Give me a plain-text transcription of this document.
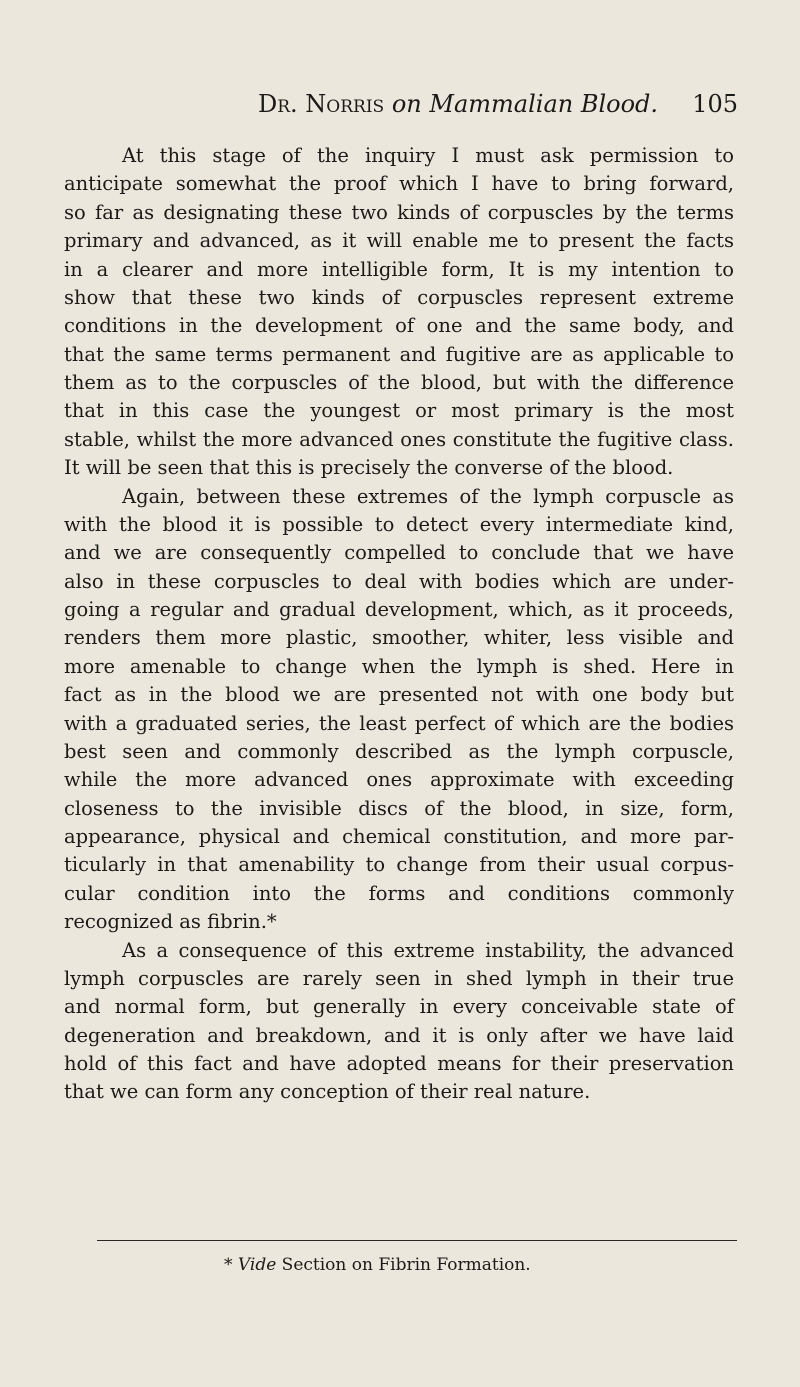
Dr. Norris on Mammalian Blood. 105
At this stage of the inquiry I must ask permission to
anticipate somewhat the proof which I have to bring forward,
so far as designating these two kinds of corpuscles by the terms
primary and advanced, as it will enable me to present the facts
in a clearer and more intelligible form, It is my intention to
show that these two kinds of corpuscles represent extreme
conditions in the development of one and the same body, and
that the same terms permanent and fugitive are as applicable to
them as to the corpuscles of the blood, but with the difference
that in this case the youngest or most primary is the most
stable, whilst the more advanced ones constitute the fugitive class.
It will be seen that this is precisely the converse of the blood.
Again, between these extremes of the lymph corpuscle as
with the blood it is possible to detect every intermediate kind,
and we are consequently compelled to conclude that we have
also in these corpuscles to deal with bodies which are under-
going a regular and gradual development, which, as it proceeds,
renders them more plastic, smoother, whiter, less visible and
more amenable to change when the lymph is shed. Here in
fact as in the blood we are presented not with one body but
with a graduated series, the least perfect of which are the bodies
best seen and commonly described as the lymph corpuscle,
while the more advanced ones approximate with exceeding
closeness to the invisible discs of the blood, in size, form,
appearance, physical and chemical constitution, and more par-
ticularly in that amenability to change from their usual corpus-
cular condition into the forms and conditions commonly
recognized as fibrin.*
As a consequence of this extreme instability, the advanced
lymph corpuscles are rarely seen in shed lymph in their true
and normal form, but generally in every conceivable state of
degeneration and breakdown, and it is only after we have laid
hold of this fact and have adopted means for their preservation
that we can form any conception of their real nature.
* Vide Section on Fibrin Formation.
